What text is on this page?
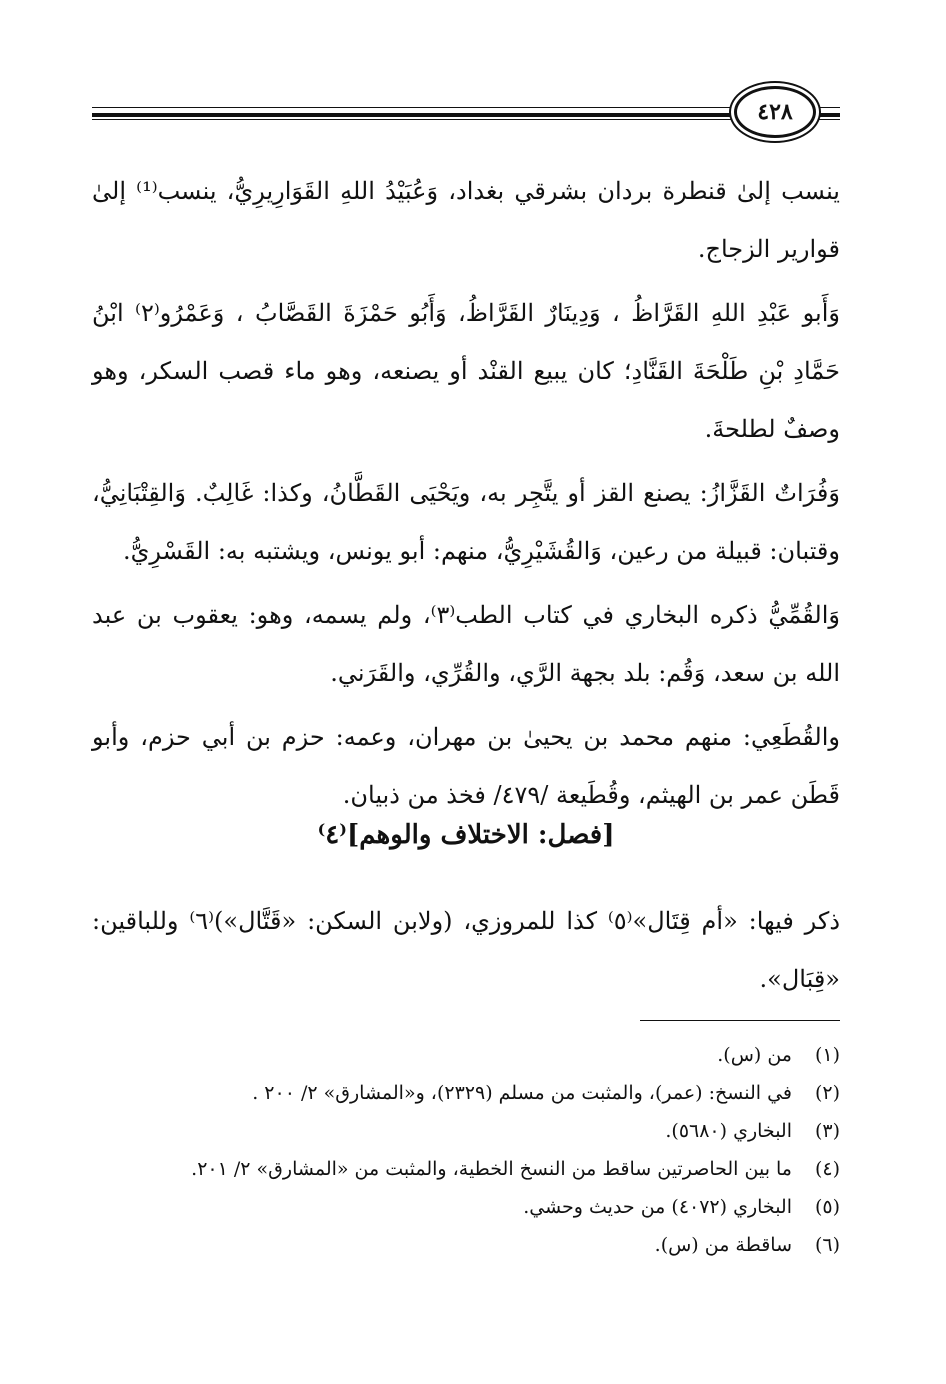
٤٢٨

ينسب إلىٰ قنطرة بردان بشرقي بغداد، وَعُبَيْدُ اللهِ القَوَارِيرِيُّ، ينسب⁽¹⁾ إلىٰ قوارير الزجاج.

وَأَبو عَبْدِ اللهِ القَرَّاظُ ، وَدِينَارٌ القَرَّاظُ، وَأَبُو حَمْزَةَ القَصَّابُ ، وَعَمْرُو⁽٢⁾ ابْنُ حَمَّادِ بْنِ طَلْحَةَ القَنَّادِ؛ كان يبيع القنْد أو يصنعه، وهو ماء قصب السكر، وهو وصفٌ لطلحةَ.

وَفُرَاتٌ القَزَّازُ: يصنع القز أو يتَّجِر به، ويَحْيَى القَطَّانُ، وكذا: غَالِبٌ. وَالقِتْبَانِيُّ، وقتبان: قبيلة من رعين، وَالقُشَيْرِيُّ، منهم: أبو يونس، ويشتبه به: القَسْرِيُّ.

وَالقُمِّيُّ ذكره البخاري في كتاب الطب⁽٣⁾، ولم يسمه، وهو: يعقوب بن عبد الله بن سعد، وَقُم: بلد بجهة الرَّي، والقُرِّي، والقَرَني.

والقُطَعِي: منهم محمد بن يحيىٰ بن مهران، وعمه: حزم بن أبي حزم، وأبو قَطَن عمر بن الهيثم، وقُطَيعة /٤٧٩/ فخذ من ذبيان.

[فصل: الاختلاف والوهم]⁽٤⁾
ذكر فيها: «أم قِتَال»⁽٥⁾ كذا للمروزي، (ولابن السكن: «قَتَّال»)⁽٦⁾ وللباقين: «قِبَال».
(١)
من (س).
(٢)
في النسخ: (عمر)، والمثبت من مسلم (٢٣٢٩)، و«المشارق» ٢/ ٢٠٠ .
(٣)
البخاري (٥٦٨٠).
(٤)
ما بين الحاصرتين ساقط من النسخ الخطية، والمثبت من «المشارق» ٢/ ٢٠١.
(٥)
البخاري (٤٠٧٢) من حديث وحشي.
(٦)
ساقطة من (س).
